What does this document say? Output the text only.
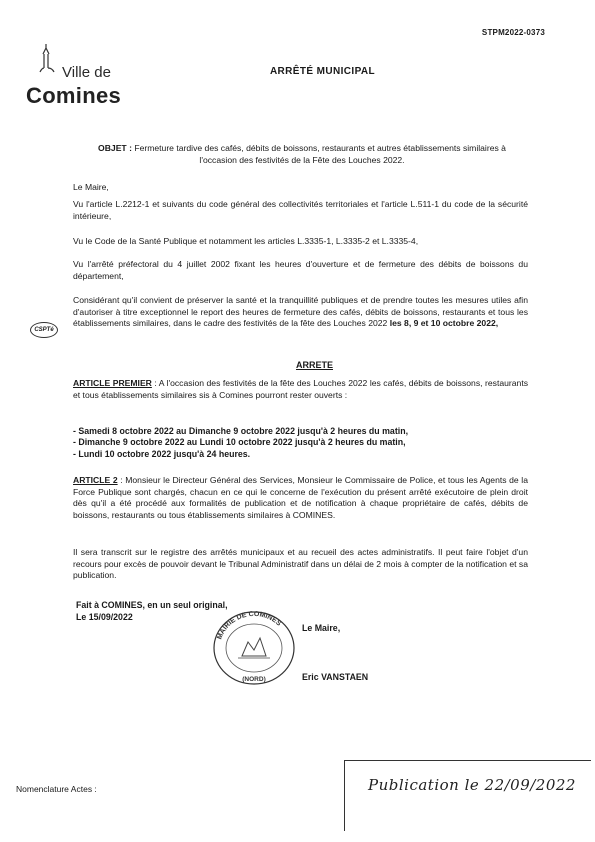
STPM2022-0373
Ville de
Comines
ARRÊTÉ MUNICIPAL
OBJET : Fermeture tardive des cafés, débits de boissons, restaurants et autres établissements similaires à l'occasion des festivités de la Fête des Louches 2022.
Le Maire,
Vu l'article L.2212-1 et suivants du code général des collectivités territoriales et l'article L.511-1 du code de la sécurité intérieure,
Vu le Code de la Santé Publique et notamment les articles L.3335-1, L.3335-2 et L.3335-4,
Vu l'arrêté préfectoral du 4 juillet 2002 fixant les heures d'ouverture et de fermeture des débits de boissons du département,
CSPTé
Considérant qu'il convient de préserver la santé et la tranquillité publiques et de prendre toutes les mesures utiles afin d'autoriser à titre exceptionnel le report des heures de fermeture des cafés, débits de boissons, restaurants et tous les établissements similaires, dans le cadre des festivités de la fête des Louches 2022 les 8, 9 et 10 octobre 2022,
ARRETE
ARTICLE PREMIER : A l'occasion des festivités de la fête des Louches 2022 les cafés, débits de boissons, restaurants et tous établissements similaires sis à Comines pourront rester ouverts :
- Samedi 8 octobre 2022 au Dimanche 9 octobre 2022 jusqu'à 2 heures du matin,
- Dimanche 9 octobre 2022 au Lundi 10 octobre 2022 jusqu'à 2 heures du matin,
- Lundi 10 octobre 2022 jusqu'à 24 heures.
ARTICLE 2 : Monsieur le Directeur Général des Services, Monsieur le Commissaire de Police, et tous les Agents de la Force Publique sont chargés, chacun en ce qui le concerne de l'exécution du présent arrêté exécutoire de plein droit dès qu'il a été procédé aux formalités de publication et de notification à chaque propriétaire de cafés, débits de boissons, restaurants ou tous établissements similaires à COMINES.
Il sera transcrit sur le registre des arrêtés municipaux et au recueil des actes administratifs. Il peut faire l'objet d'un recours pour excès de pouvoir devant le Tribunal Administratif dans un délai de 2 mois à compter de la notification et sa publication.
Fait à COMINES, en un seul original,
Le 15/09/2022
MAIRIE DE COMINES
(NORD)
Le Maire,
Eric VANSTAEN
Nomenclature Actes :	Publication le 22/09/2022
